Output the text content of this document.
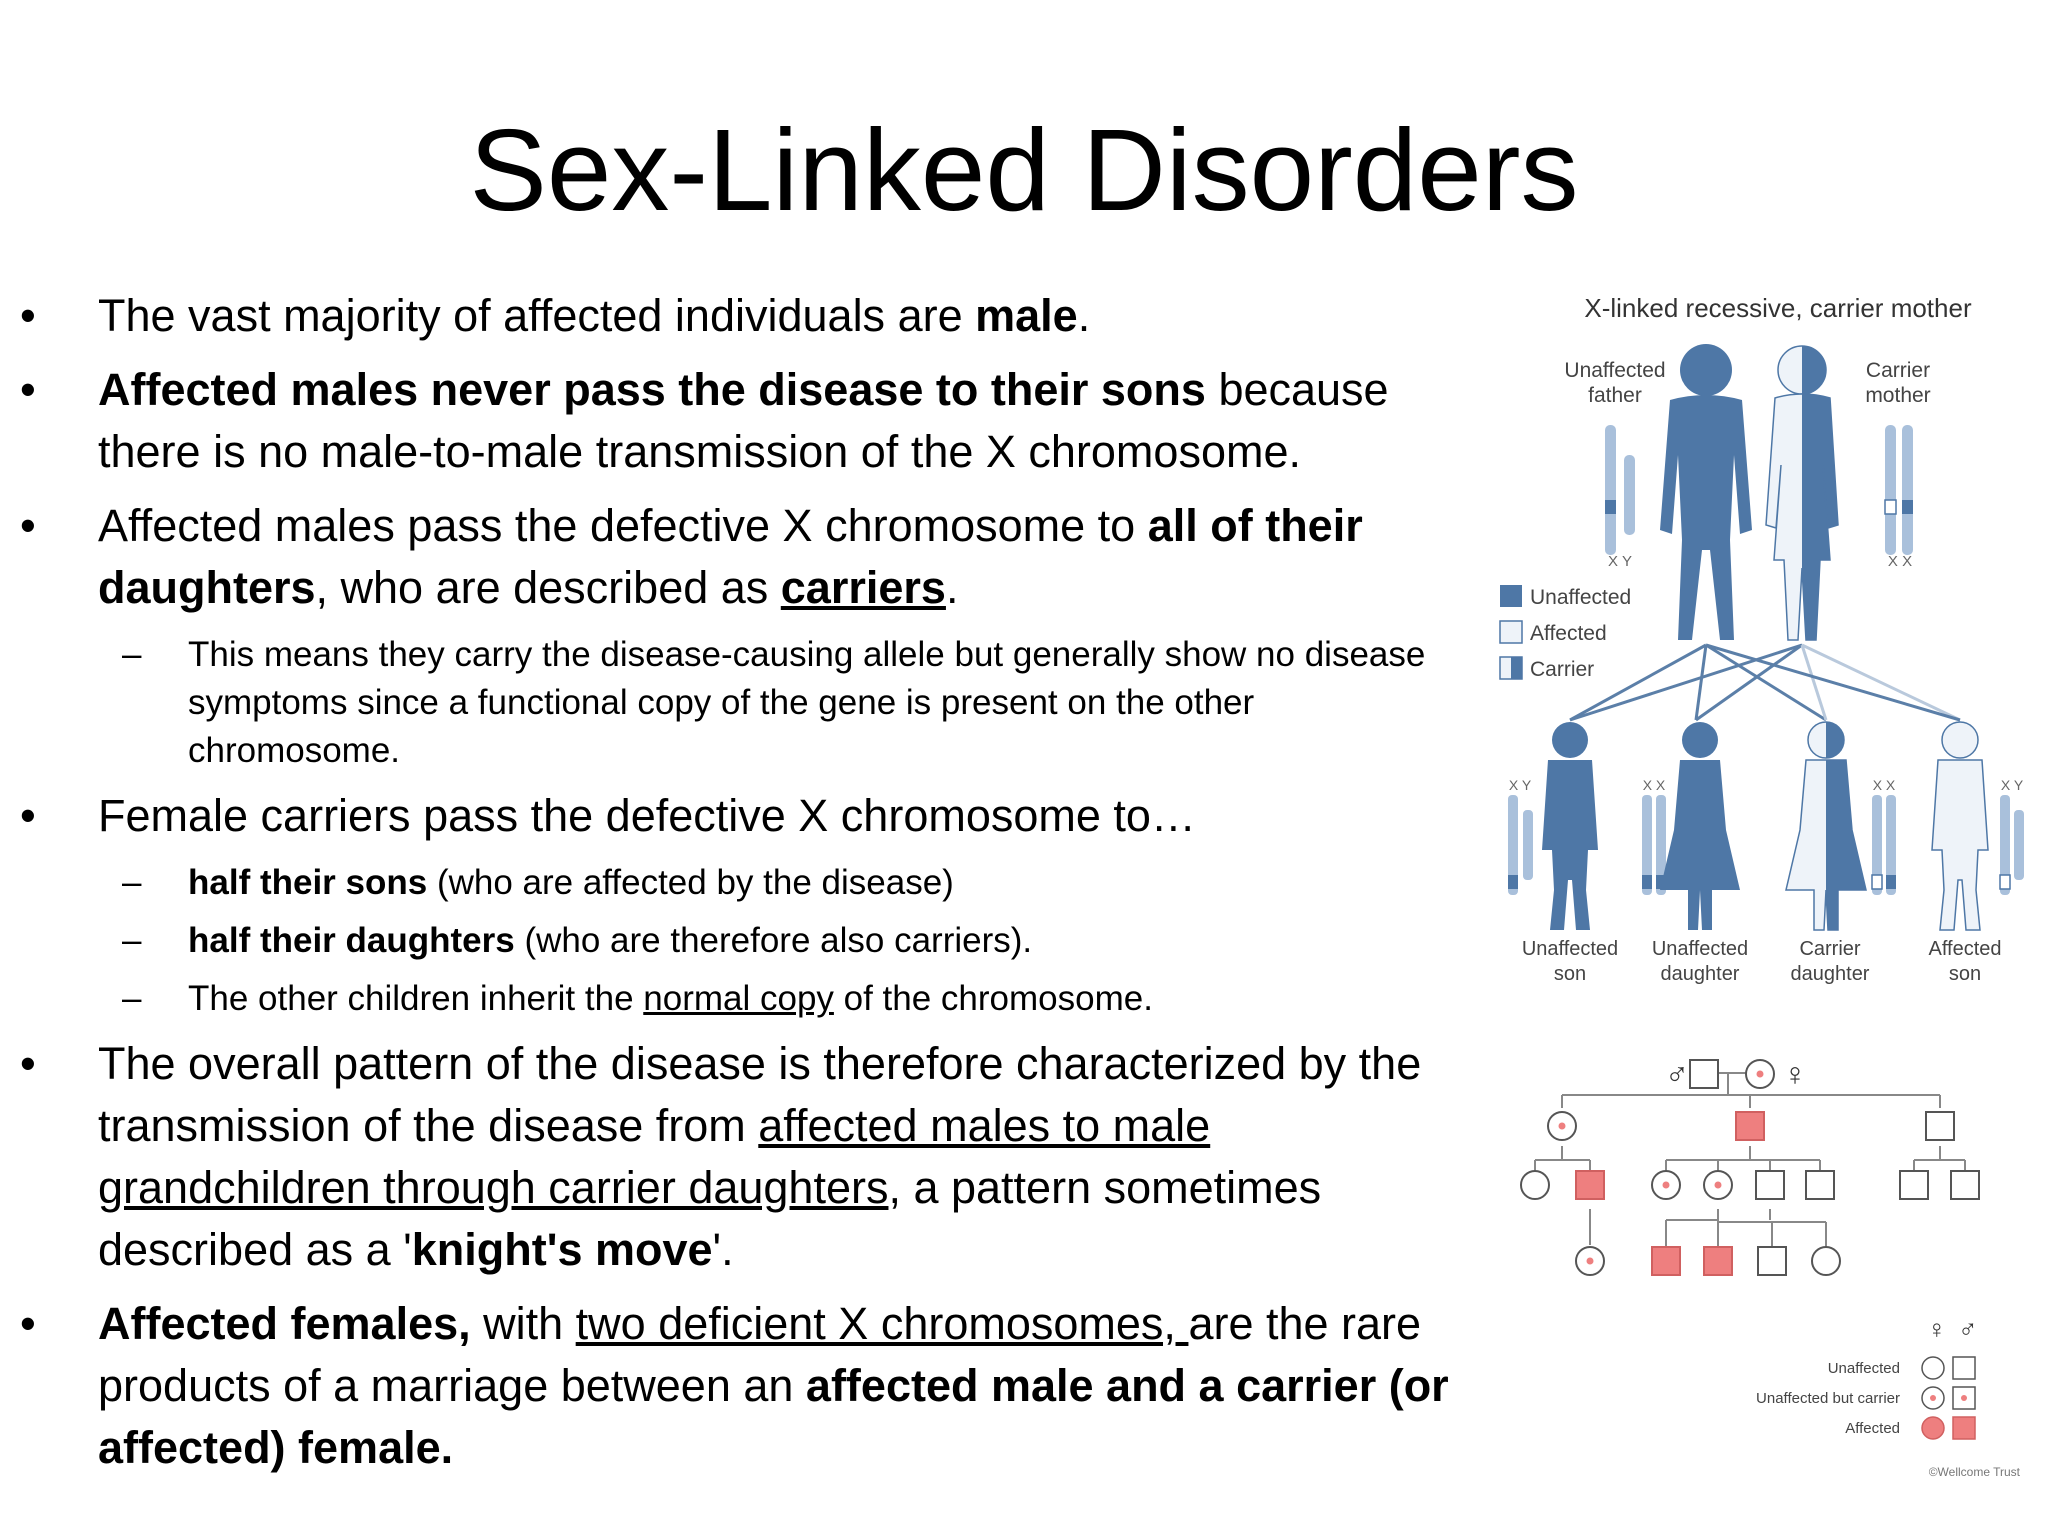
Sex-Linked Disorders
• The vast majority of affected individuals are male.
• Affected males never pass the disease to their sons because there is no male-to-male transmission of the X chromosome.
• Affected males pass the defective X chromosome to all of their daughters, who are described as carriers.
– This means they carry the disease-causing allele but generally show no disease symptoms since a functional copy of the gene is present on the other chromosome.
• Female carriers pass the defective X chromosome to…
– half their sons (who are affected by the disease)
– half their daughters (who are therefore also carriers).
– The other children inherit the normal copy of the chromosome.
• The overall pattern of the disease is therefore characterized by the transmission of the disease from affected males to male grandchildren through carrier daughters, a pattern sometimes described as a 'knight's move'.
• Affected females, with two deficient X chromosomes, are the rare products of a marriage between an affected male and a carrier (or affected) female.
X-linked recessive, carrier mother
Unaffected
father
Carrier
mother
X Y	X X
Unaffected
Affected
Carrier
X Y
Unaffected
son
X X
Unaffected
daughter
X X
Carrier
daughter
X Y
Affected
son
♂	♀
♀ ♂
Unaffected
Unaffected but carrier
Affected
©Wellcome Trust
